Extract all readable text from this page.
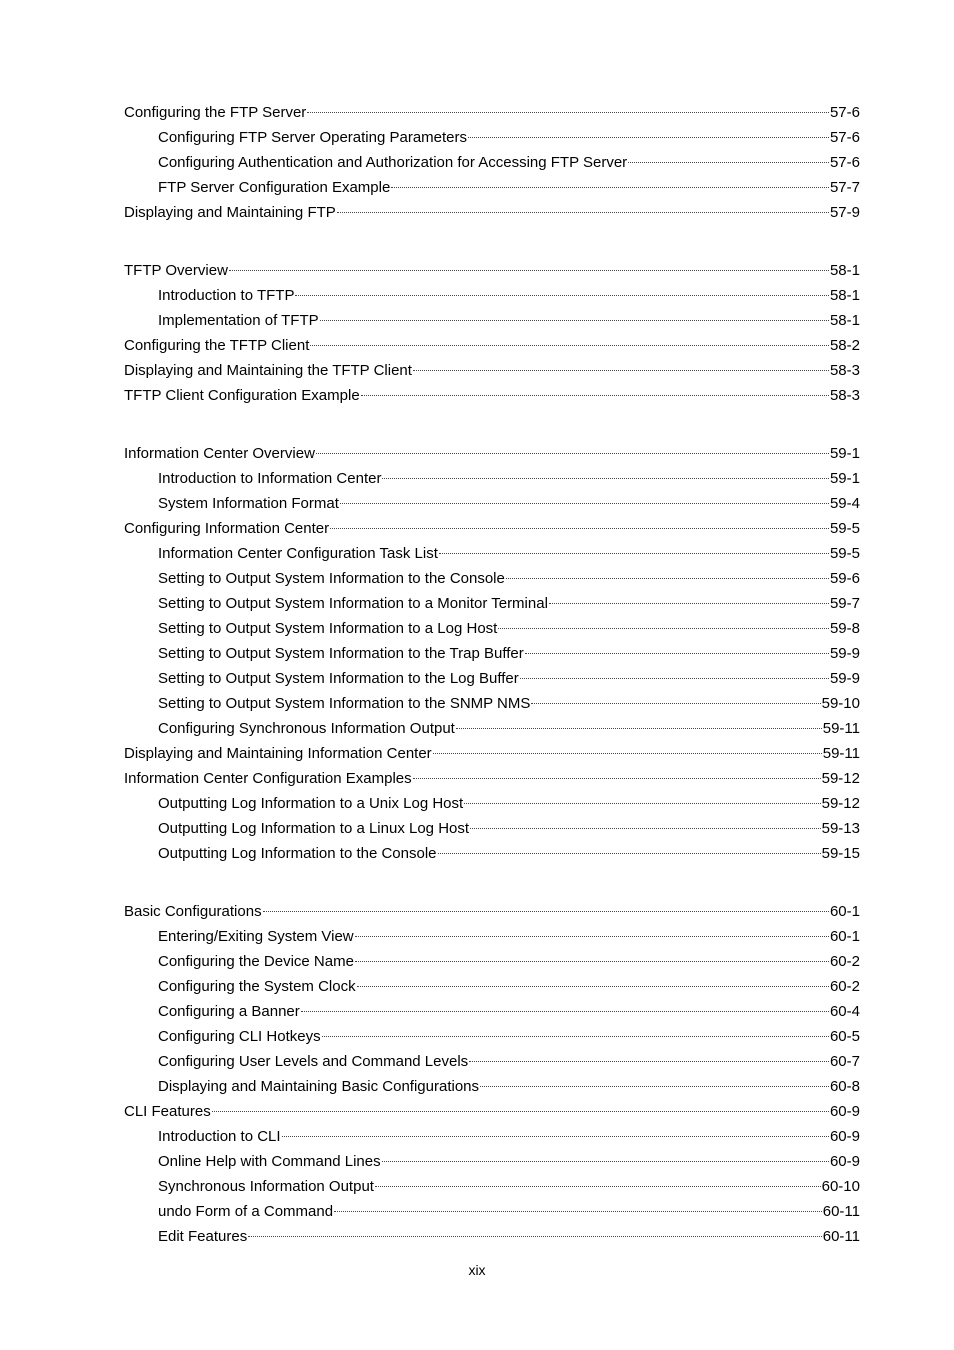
Configuring the FTP Server	57-6
Configuring FTP Server Operating Parameters	57-6
Configuring Authentication and Authorization for Accessing FTP Server	57-6
FTP Server Configuration Example	57-7
Displaying and Maintaining FTP	57-9
TFTP Overview	58-1
Introduction to TFTP	58-1
Implementation of TFTP	58-1
Configuring the TFTP Client	58-2
Displaying and Maintaining the TFTP Client	58-3
TFTP Client Configuration Example	58-3
Information Center Overview	59-1
Introduction to Information Center	59-1
System Information Format	59-4
Configuring Information Center	59-5
Information Center Configuration Task List	59-5
Setting to Output System Information to the Console	59-6
Setting to Output System Information to a Monitor Terminal	59-7
Setting to Output System Information to a Log Host	59-8
Setting to Output System Information to the Trap Buffer	59-9
Setting to Output System Information to the Log Buffer	59-9
Setting to Output System Information to the SNMP NMS	59-10
Configuring Synchronous Information Output	59-11
Displaying and Maintaining Information Center	59-11
Information Center Configuration Examples	59-12
Outputting Log Information to a Unix Log Host	59-12
Outputting Log Information to a Linux Log Host	59-13
Outputting Log Information to the Console	59-15
Basic Configurations	60-1
Entering/Exiting System View	60-1
Configuring the Device Name	60-2
Configuring the System Clock	60-2
Configuring a Banner	60-4
Configuring CLI Hotkeys	60-5
Configuring User Levels and Command Levels	60-7
Displaying and Maintaining Basic Configurations	60-8
CLI Features	60-9
Introduction to CLI	60-9
Online Help with Command Lines	60-9
Synchronous Information Output	60-10
undo Form of a Command	60-11
Edit Features	60-11
xix
